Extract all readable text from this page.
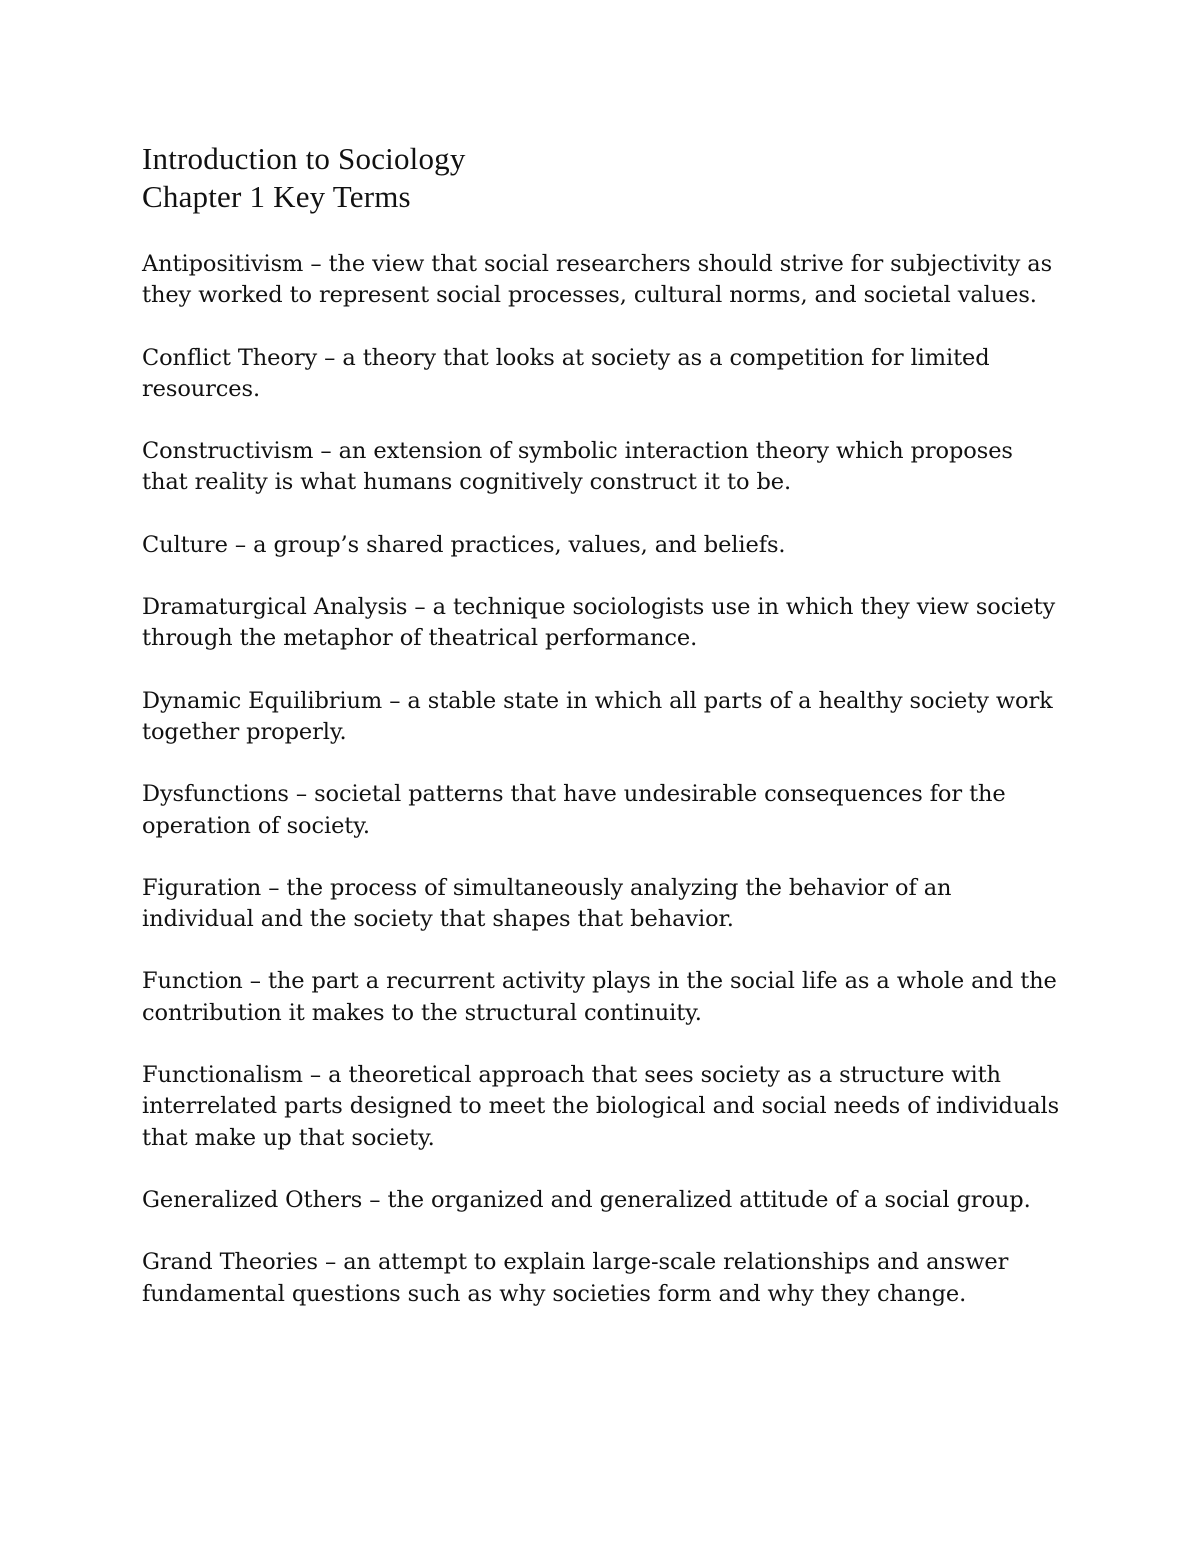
Introduction to Sociology
Chapter 1 Key Terms
Antipositivism – the view that social researchers should strive for subjectivity as they worked to represent social processes, cultural norms, and societal values.
Conflict Theory – a theory that looks at society as a competition for limited resources.
Constructivism – an extension of symbolic interaction theory which proposes that reality is what humans cognitively construct it to be.
Culture – a group’s shared practices, values, and beliefs.
Dramaturgical Analysis – a technique sociologists use in which they view society through the metaphor of theatrical performance.
Dynamic Equilibrium – a stable state in which all parts of a healthy society work together properly.
Dysfunctions – societal patterns that have undesirable consequences for the operation of society.
Figuration – the process of simultaneously analyzing the behavior of an individual and the society that shapes that behavior.
Function – the part a recurrent activity plays in the social life as a whole and the contribution it makes to the structural continuity.
Functionalism – a theoretical approach that sees society as a structure with interrelated parts designed to meet the biological and social needs of individuals that make up that society.
Generalized Others – the organized and generalized attitude of a social group.
Grand Theories – an attempt to explain large-scale relationships and answer fundamental questions such as why societies form and why they change.
